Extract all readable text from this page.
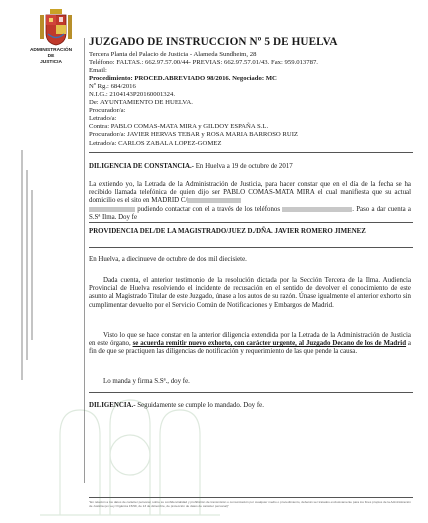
ADMINISTRACIÓN
DE
JUSTICIA
JUZGADO DE INSTRUCCION Nº 5 DE HUELVA
Tercera Planta del Palacio de Justicia - Alameda Sundheim, 28
Teléfono: FALTAS.: 662.97.57.00/44- PREVIAS: 662.97.57.01/43. Fax: 959.013787.
Email:
Procedimiento: PROCED.ABREVIADO 98/2016. Negociado: MC
Nº Rg.: 684/2016
N.I.G.: 2104143P20160001324.
De: AYUNTAMIENTO DE HUELVA.
Procurador/a:
Letrado/a:
Contra: PABLO COMAS-MATA MIRA y GILDOY ESPAÑA S.L.
Procurador/a: JAVIER HERVAS TEBAR y ROSA MARIA BARROSO RUIZ
Letrado/a: CARLOS ZABALA LOPEZ-GOMEZ

DILIGENCIA DE CONSTANCIA.- En Huelva a 19 de octubre de 2017

La extiendo yo, la Letrada de la Administración de Justicia, para hacer constar que en el día de la fecha se ha recibido llamada telefónica de quien dijo ser PABLO COMAS-MATA MIRA el cual manifiesta que su actual domicilio es el sito en MADRID C/
pudiendo contactar con el a través de los teléfonos	. Paso a dar cuenta a S.Sª Ilma. Doy fe

PROVIDENCIA DEL/DE LA MAGISTRADO/JUEZ D./DÑA. JAVIER ROMERO JIMENEZ

En Huelva, a diecinueve de octubre de dos mil diecisiete.

Dada cuenta, el anterior testimonio de la resolución dictada por la Sección Tercera de la Ilma. Audiencia Provincial de Huelva resolviendo el incidente de recusación en el sentido de devolver el conocimiento de este asunto al Magistrado Titular de este Juzgado, únase a los autos de su razón. Únase igualmente el anterior exhorto sin cumplimentar devuelto por el Servicio Común de Notificaciones y Embargos de Madrid.

Visto lo que se hace constar en la anterior diligencia extendida por la Letrada de la Administración de Justicia en este órgano, se acuerda remitir nuevo exhorto, con carácter urgente, al Juzgado Decano de los de Madrid a fin de que se practiquen las diligencias de notificación y requerimiento de las que pende la causa.

Lo manda y firma S.Sª., doy fe.

DILIGENCIA.- Seguidamente se cumple lo mandado. Doy fe.

"En relación a los datos de carácter personal, sobre su confidencialidad y prohibición de transmisión o comunicación por cualquier medio o procedimiento, deberán ser tratados exclusivamente para los fines propios de la Administración de Justicia (ex Ley Orgánica 15/99, de 13 de diciembre, de protección de datos de carácter personal)"
